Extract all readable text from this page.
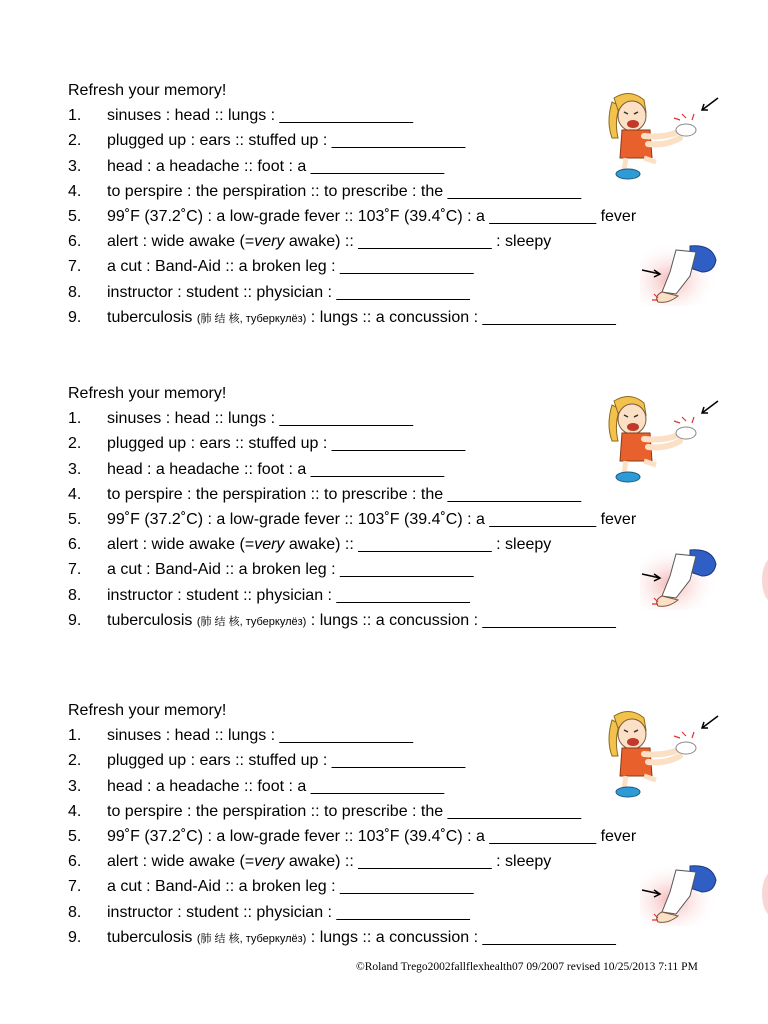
Refresh your memory!
1. sinuses : head :: lungs : _______________
2. plugged up : ears :: stuffed up : _______________
3. head : a headache :: foot : a _______________
4. to perspire : the perspiration :: to prescribe : the _______________
5. 99˚F (37.2˚C) : a low-grade fever :: 103˚F (39.4˚C) : a ____________ fever
6. alert : wide awake (=very awake) :: _______________ : sleepy
7. a cut : Band-Aid :: a broken leg : _______________
8. instructor : student :: physician : _______________
9. tuberculosis (肺 结 核, туберкулёз) : lungs :: a concussion : _______________
Refresh your memory!
1. sinuses : head :: lungs : _______________
2. plugged up : ears :: stuffed up : _______________
3. head : a headache :: foot : a _______________
4. to perspire : the perspiration :: to prescribe : the _______________
5. 99˚F (37.2˚C) : a low-grade fever :: 103˚F (39.4˚C) : a ____________ fever
6. alert : wide awake (=very awake) :: _______________ : sleepy
7. a cut : Band-Aid :: a broken leg : _______________
8. instructor : student :: physician : _______________
9. tuberculosis (肺 结 核, туберкулёз) : lungs :: a concussion : _______________
Refresh your memory!
1. sinuses : head :: lungs : _______________
2. plugged up : ears :: stuffed up : _______________
3. head : a headache :: foot : a _______________
4. to perspire : the perspiration :: to prescribe : the _______________
5. 99˚F (37.2˚C) : a low-grade fever :: 103˚F (39.4˚C) : a ____________ fever
6. alert : wide awake (=very awake) :: _______________ : sleepy
7. a cut : Band-Aid :: a broken leg : _______________
8. instructor : student :: physician : _______________
9. tuberculosis (肺 结 核, туберкулёз) : lungs :: a concussion : _______________
©Roland Trego2002fallflexhealth07 09/2007 revised 10/25/2013 7:11 PM
